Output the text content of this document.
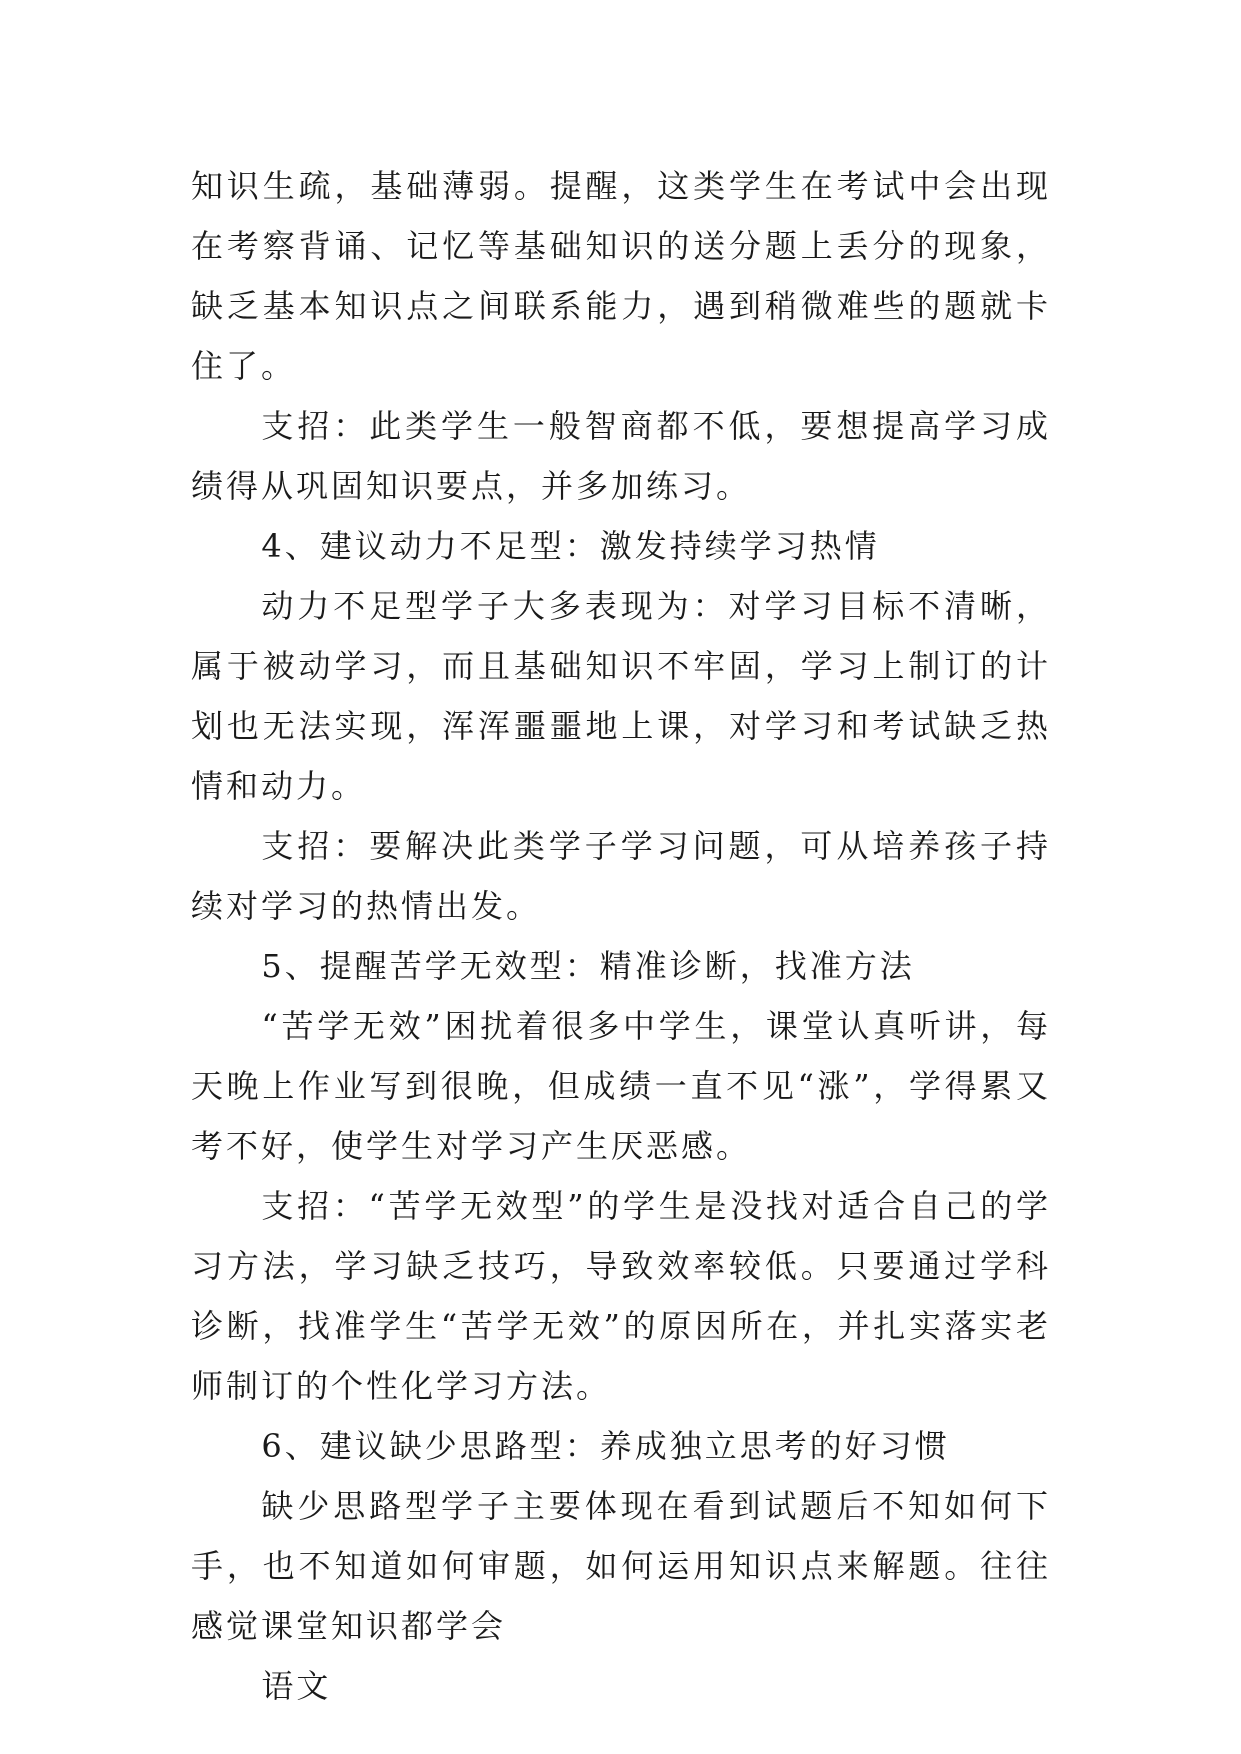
知识生疏，基础薄弱。提醒，这类学生在考试中会出现在考察背诵、记忆等基础知识的送分题上丢分的现象，缺乏基本知识点之间联系能力，遇到稍微难些的题就卡住了。

支招：此类学生一般智商都不低，要想提高学习成绩得从巩固知识要点，并多加练习。

4、建议动力不足型：激发持续学习热情

动力不足型学子大多表现为：对学习目标不清晰，属于被动学习，而且基础知识不牢固，学习上制订的计划也无法实现，浑浑噩噩地上课，对学习和考试缺乏热情和动力。

支招：要解决此类学子学习问题，可从培养孩子持续对学习的热情出发。

5、提醒苦学无效型：精准诊断，找准方法

“苦学无效”困扰着很多中学生，课堂认真听讲，每天晚上作业写到很晚，但成绩一直不见“涨”，学得累又考不好，使学生对学习产生厌恶感。

支招：“苦学无效型”的学生是没找对适合自己的学习方法，学习缺乏技巧，导致效率较低。只要通过学科诊断，找准学生“苦学无效”的原因所在，并扎实落实老师制订的个性化学习方法。

6、建议缺少思路型：养成独立思考的好习惯

缺少思路型学子主要体现在看到试题后不知如何下手，也不知道如何审题，如何运用知识点来解题。往往感觉课堂知识都学会

语文
